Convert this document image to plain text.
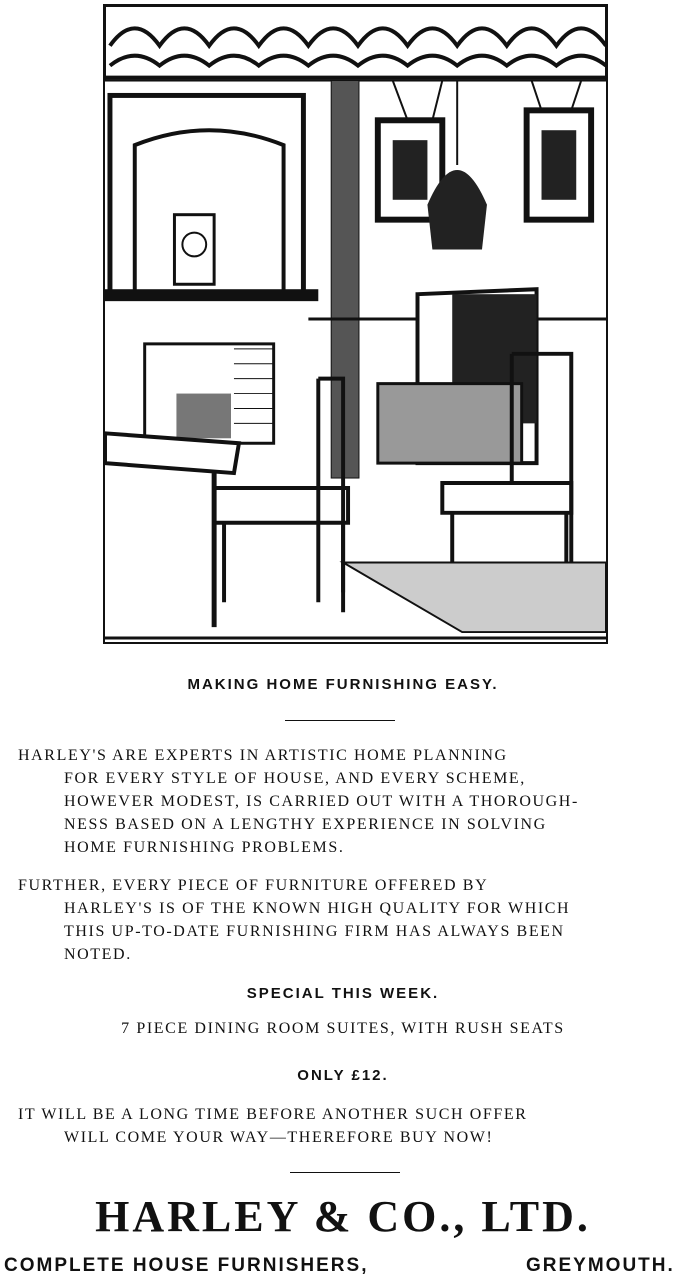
MAKING HOME FURNISHING EASY.
HARLEY'S ARE EXPERTS IN ARTISTIC HOME PLANNING
FOR EVERY STYLE OF HOUSE, AND EVERY SCHEME,
HOWEVER MODEST, IS CARRIED OUT WITH A THOROUGH-
NESS BASED ON A LENGTHY EXPERIENCE IN SOLVING
HOME FURNISHING PROBLEMS.
FURTHER, EVERY PIECE OF FURNITURE OFFERED BY
HARLEY'S IS OF THE KNOWN HIGH QUALITY FOR WHICH
THIS UP-TO-DATE FURNISHING FIRM HAS ALWAYS BEEN
NOTED.
SPECIAL THIS WEEK.
7 PIECE DINING ROOM SUITES, WITH RUSH SEATS
ONLY £12.
IT WILL BE A LONG TIME BEFORE ANOTHER SUCH OFFER
WILL COME YOUR WAY—THEREFORE BUY NOW!
HARLEY & CO., LTD.
COMPLETE HOUSE FURNISHERS,	GREYMOUTH.
